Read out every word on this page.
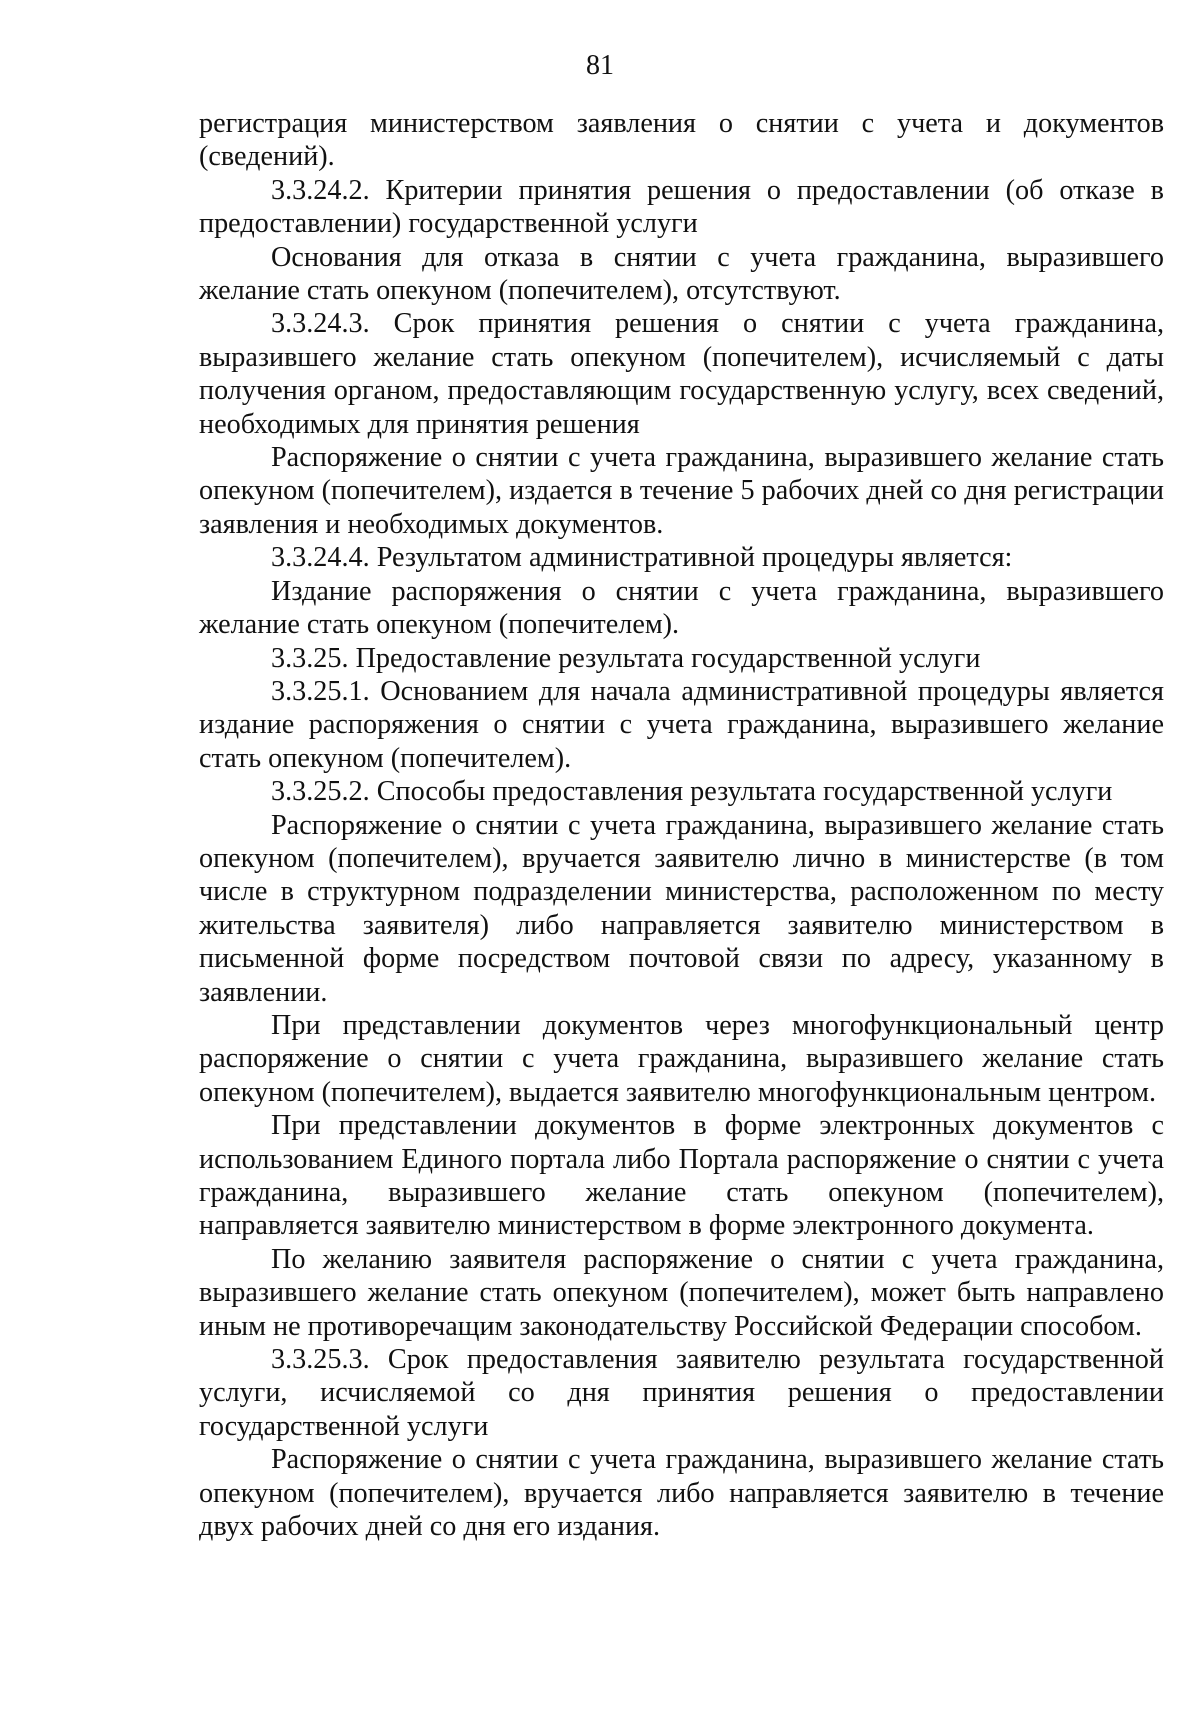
81

регистрация министерством заявления о снятии с учета и документов (сведений).

3.3.24.2. Критерии принятия решения о предоставлении (об отказе в предоставлении) государственной услуги

Основания для отказа в снятии с учета гражданина, выразившего желание стать опекуном (попечителем), отсутствуют.

3.3.24.3. Срок принятия решения о снятии с учета гражданина, выразившего желание стать опекуном (попечителем), исчисляемый с даты получения органом, предоставляющим государственную услугу, всех сведений, необходимых для принятия решения

Распоряжение о снятии с учета гражданина, выразившего желание стать опекуном (попечителем), издается в течение 5 рабочих дней со дня регистрации заявления и необходимых документов.

3.3.24.4. Результатом административной процедуры является:

Издание распоряжения о снятии с учета гражданина, выразившего желание стать опекуном (попечителем).

3.3.25. Предоставление результата государственной услуги

3.3.25.1. Основанием для начала административной процедуры является издание распоряжения о снятии с учета гражданина, выразившего желание стать опекуном (попечителем).

3.3.25.2. Способы предоставления результата государственной услуги

Распоряжение о снятии с учета гражданина, выразившего желание стать опекуном (попечителем), вручается заявителю лично в министерстве (в том числе в структурном подразделении министерства, расположенном по месту жительства заявителя) либо направляется заявителю министерством в письменной форме посредством почтовой связи по адресу, указанному в заявлении.

При представлении документов через многофункциональный центр распоряжение о снятии с учета гражданина, выразившего желание стать опекуном (попечителем), выдается заявителю многофункциональным центром.

При представлении документов в форме электронных документов с использованием Единого портала либо Портала распоряжение о снятии с учета гражданина, выразившего желание стать опекуном (попечителем), направляется заявителю министерством в форме электронного документа.

По желанию заявителя распоряжение о снятии с учета гражданина, выразившего желание стать опекуном (попечителем), может быть направлено иным не противоречащим законодательству Российской Федерации способом.

3.3.25.3. Срок предоставления заявителю результата государственной услуги, исчисляемой со дня принятия решения о предоставлении государственной услуги

Распоряжение о снятии с учета гражданина, выразившего желание стать опекуном (попечителем), вручается либо направляется заявителю в течение двух рабочих дней со дня его издания.
